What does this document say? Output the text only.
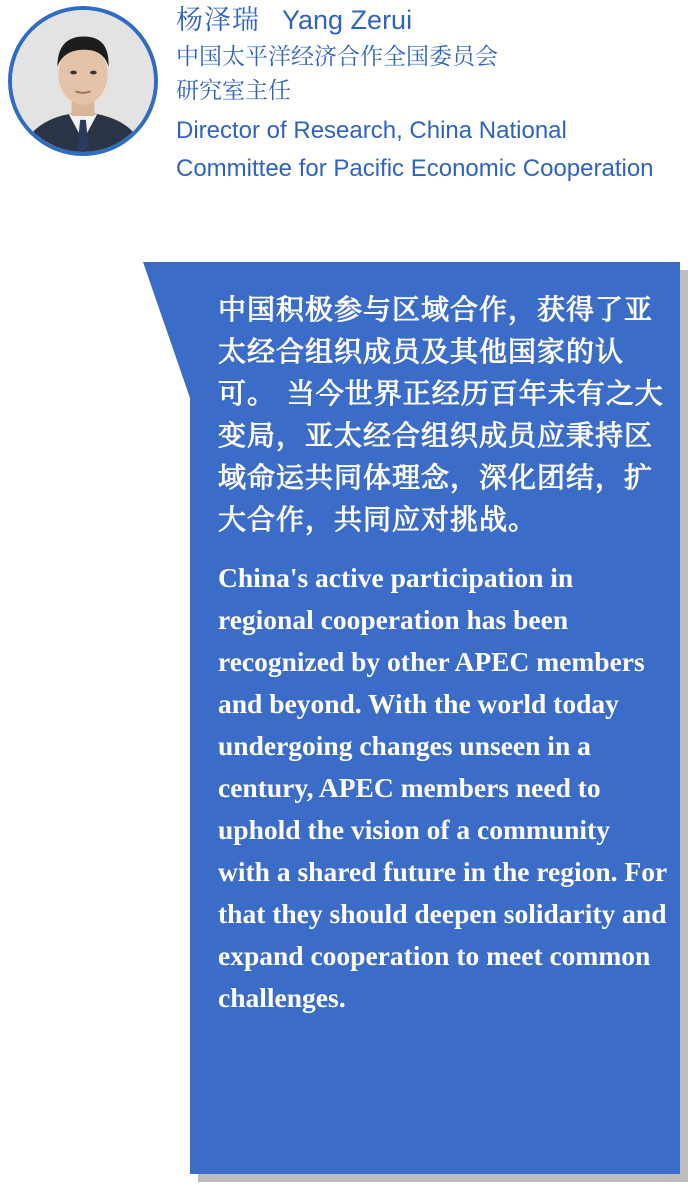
杨泽瑞 Yang Zerui

中国太平洋经济合作全国委员会

研究室主任

Director of Research, China National Committee for Pacific Economic Cooperation

中国积极参与区域合作，获得了亚太经合组织成员及其他国家的认可。 当今世界正经历百年未有之大变局，亚太经合组织成员应秉持区域命运共同体理念，深化团结，扩大合作，共同应对挑战。

China's active participation in regional cooperation has been recognized by other APEC members and beyond. With the world today undergoing changes unseen in a century, APEC members need to uphold the vision of a community with a shared future in the region. For that they should deepen solidarity and expand cooperation to meet common challenges.
